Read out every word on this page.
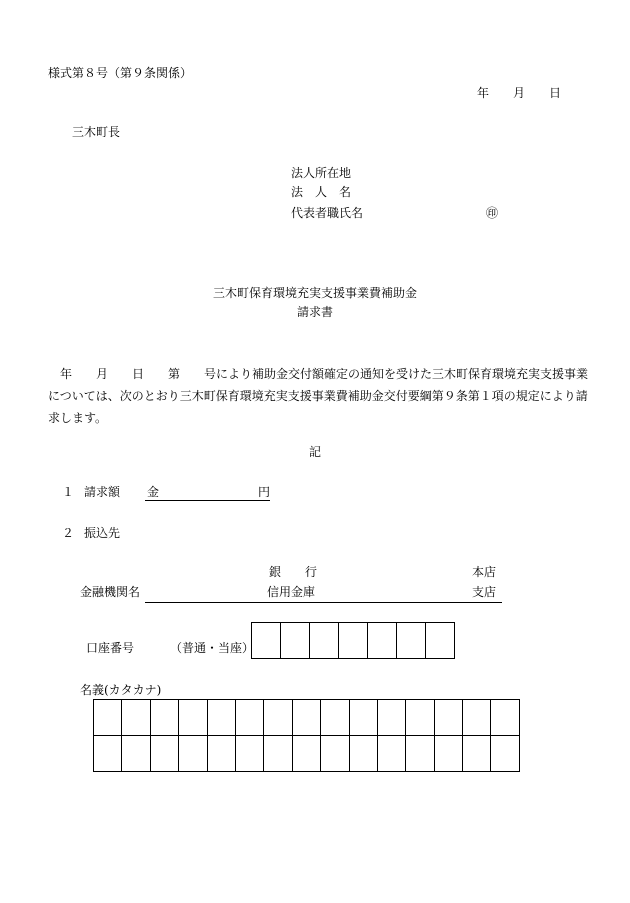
様式第８号（第９条関係）
年 月 日
三木町長
法人所在地
法　人　名
代表者職氏名	㊞
三木町保育環境充実支援事業費補助金
請求書
　年　　月　　日　　第　　号により補助金交付額確定の通知を受けた三木町保育環境充実支援事業については、次のとおり三木町保育環境充実支援事業費補助金交付要綱第９条第１項の規定により請求します。
記
１ 請求額 金	円
２ 振込先
銀　　行	本店
金融機関名	信用金庫	支店
口座番号	（普通・当座）

名義(カタカナ)
